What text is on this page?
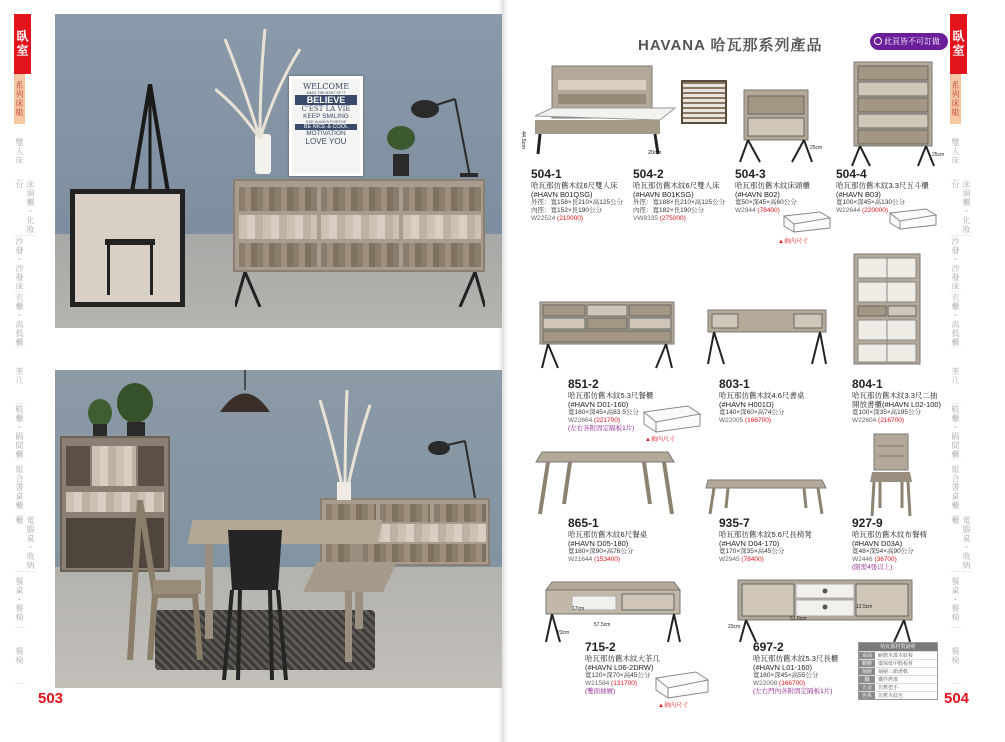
臥室
系列床組
雙人床
床頭櫃・化妝台
沙發・沙發床
衣櫃・高低櫃
茶几
鞋櫃・隔間櫃
組合書桌櫃
電腦桌・收納櫃
餐桌・餐椅
餐椅
臥室
系列床組
雙人床
床頭櫃・化妝台
沙發・沙發床
衣櫃・高低櫃
茶几
鞋櫃・隔間櫃
組合書桌櫃
電腦桌・收納櫃
餐桌・餐椅
餐椅
503	504
WELCOME
MAKE THE MOST OF IT
BELIEVE
C'EST LA VIE
KEEP SMILING
STAY ALWAYS POSITIVE
BE NICE & COOL
MOTIVATION
LOVE YOU
HAVANA 哈瓦那系列產品	此頁皆不可訂做
44.5cm
20cm
504-1
哈瓦那仿舊木紋6尺雙人床
(#HAVN B01QSG)
外徑：寬158×長210×高125公分
內徑：寬152×長190公分
W22524 (210000)
504-2
哈瓦那仿舊木紋6尺雙人床
(#HAVN B01KSG)
外徑：寬188×長210×高125公分
內徑：寬182×長190公分
VW8335 (275000)
25cm
504-3
哈瓦那仿舊木紋床頭櫃
(#HAVN B02)
寬50×深45×高60公分
W2944 (78400)
▲抽內尺寸
25cm
504-4
哈瓦那仿舊木紋3.3尺五斗櫃
(#HAVN B03)
寬100×深45×高130公分
W22644 (220000)
851-2
哈瓦那仿舊木紋5.3尺餐櫃
(#HAVN D01-160)
寬160×深45×高83.5公分
W22664 (221700)
(左右各附固定隔板1片)
▲抽內尺寸
803-1
哈瓦那仿舊木紋4.6尺書桌
(#HAVN H001D)
寬140×深60×高74公分
W22005 (166700)
804-1
哈瓦那仿舊木紋3.3尺二抽
開放書櫃(#HAVN L02-100)
寬100×深35×高195公分
W22604 (216700)
865-1
哈瓦那仿舊木紋6尺餐桌
(#HAVN D05-180)
寬180×深90×高76公分
W21644 (153400)
935-7
哈瓦那仿舊木紋5.6尺長椅凳
(#HAVN D04-170)
寬170×深35×高45公分
W2945 (78400)
927-9
哈瓦那仿舊木紋布餐椅
(#HAVN D03A)
寬48×深54×高90公分
W2446 (36700)
(限需4張以上)
17cm
57.5cm
23cm
715-2
哈瓦那仿舊木紋大茶几
(#HAVN L06-2DRW)
寬120×深70×高45公分
W21584 (131700)
(雙面抽屜)
▲抽內尺寸
12.5cm
51.5cm
23cm
697-2
哈瓦那仿舊木紋5.3尺長櫃
(#HAVN L01-160)
寬160×深45×高55公分
W22008 (166700)
(左右門內各附固定隔板1片)
哈瓦那材質說明
桌面	耐磨木漆木紋板
櫃體	環保低甲醛板材
抽屜	抽屜三節滑軌
腳	鐵件烤漆
五金	仿舊把手
色系	仿舊木紋色
